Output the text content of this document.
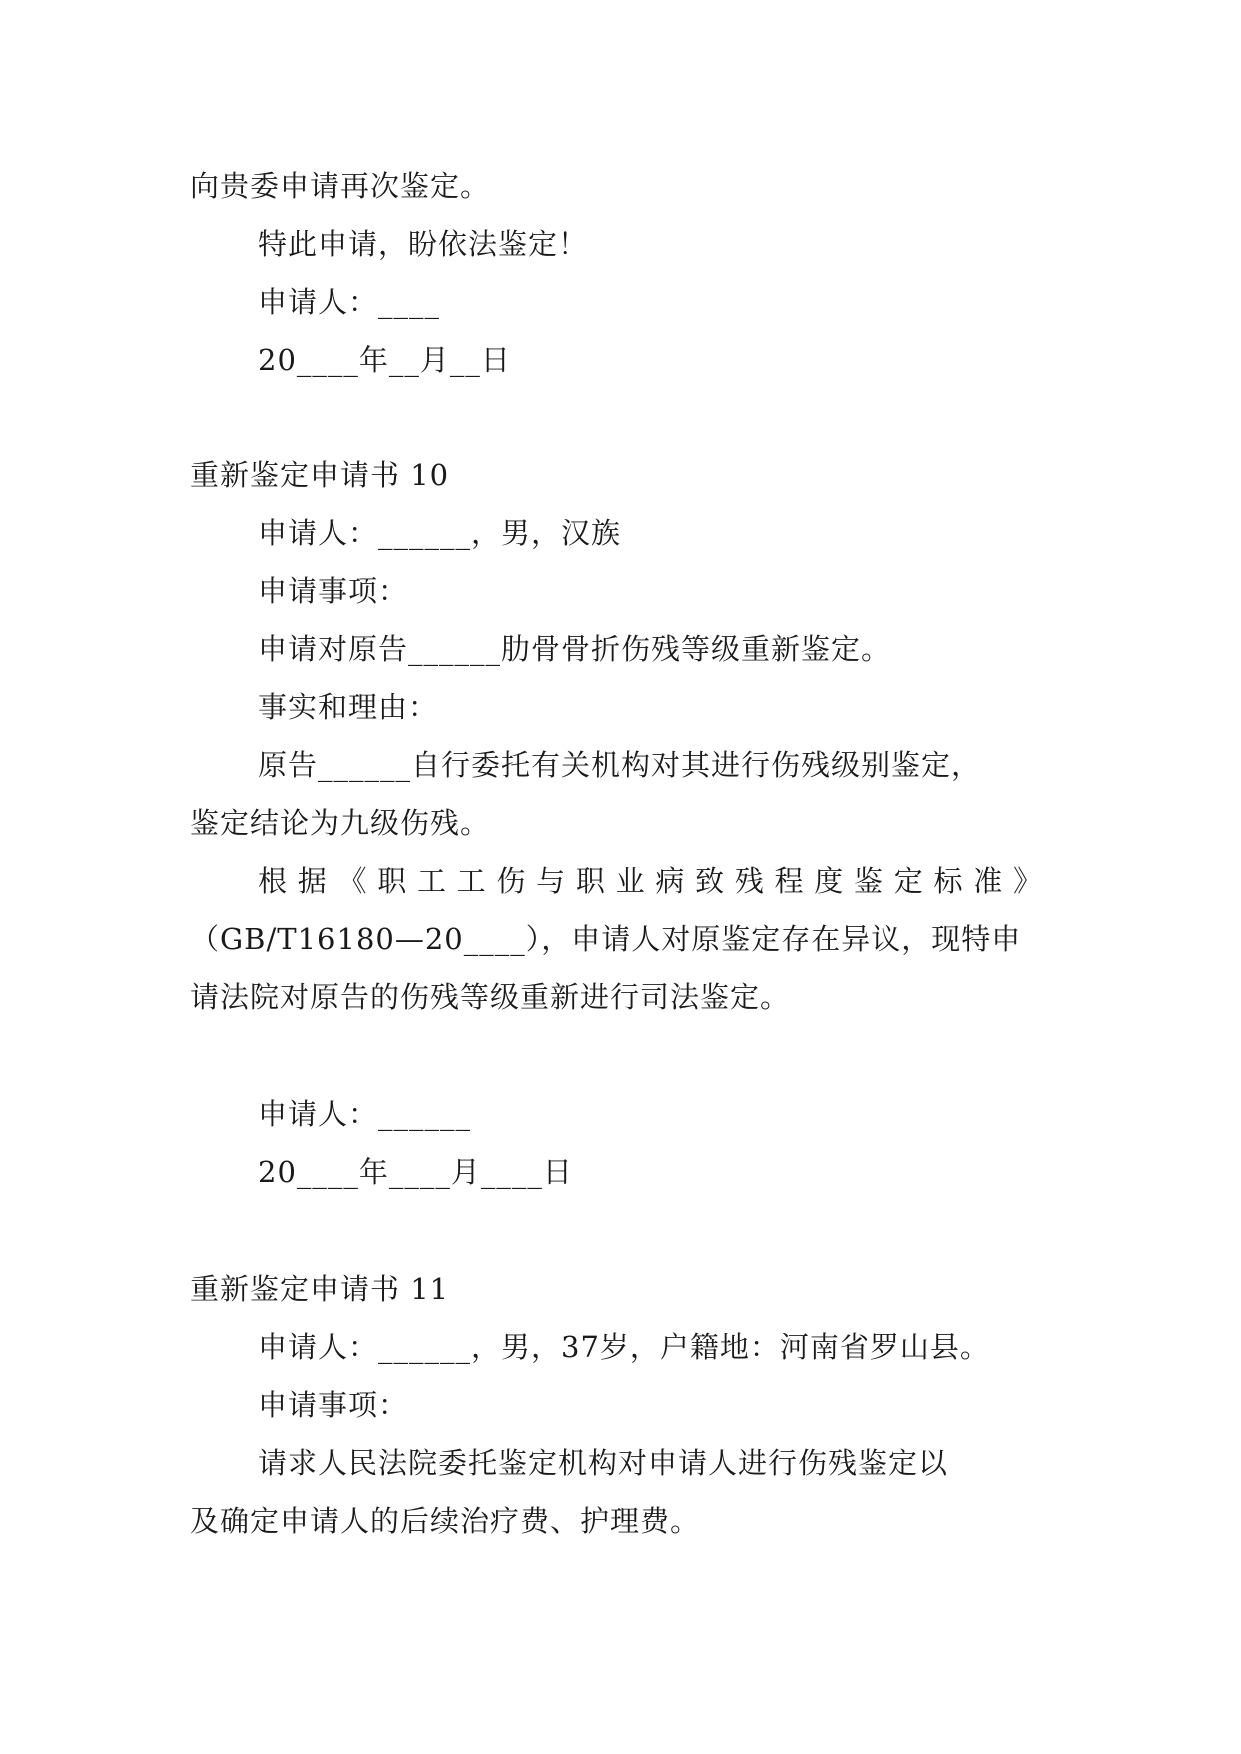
向贵委申请再次鉴定。
特此申请，盼依法鉴定！
申请人：____
20____年__月__日
重新鉴定申请书 10
申请人：______，男，汉族
申请事项：
申请对原告______肋骨骨折伤残等级重新鉴定。
事实和理由：
原告______自行委托有关机构对其进行伤残级别鉴定，
鉴定结论为九级伤残。
根 据 《 职 工 工 伤 与 职 业 病 致 残 程 度 鉴 定 标 准 》
（GB/T16180—20____），申请人对原鉴定存在异议，现特申
请法院对原告的伤残等级重新进行司法鉴定。
申请人：______
20____年____月____日
重新鉴定申请书 11
申请人：______，男，37岁，户籍地：河南省罗山县。
申请事项：
请求人民法院委托鉴定机构对申请人进行伤残鉴定以
及确定申请人的后续治疗费、护理费。
